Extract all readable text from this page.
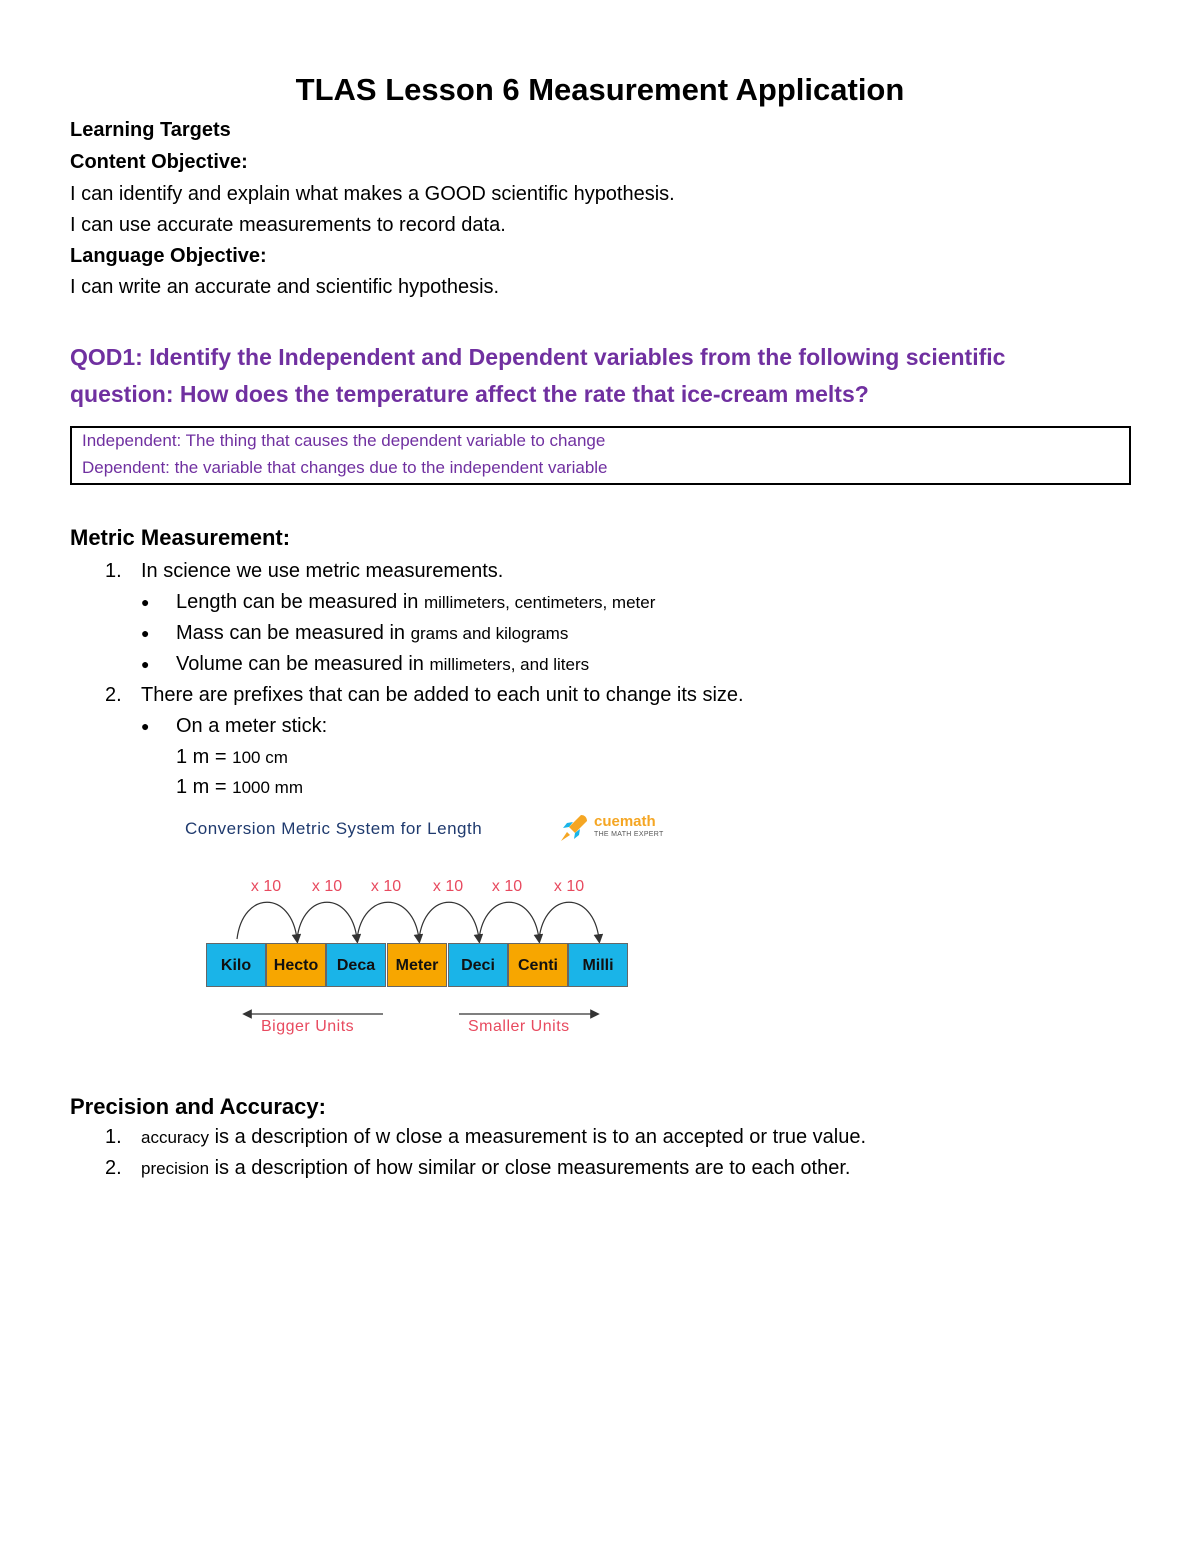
TLAS Lesson 6 Measurement Application
Learning Targets
Content Objective:
I can identify and explain what makes a GOOD scientific hypothesis.
I can use accurate measurements to record data.
Language Objective:
I can write an accurate and scientific hypothesis.
QOD1: Identify the Independent and Dependent variables from the following scientific
question: How does the temperature affect the rate that ice-cream melts?
Independent: The thing that causes the dependent variable to change
Dependent: the variable that changes due to the independent variable
Metric Measurement:
1. In science we use metric measurements.
● Length can be measured in millimeters, centimeters, meter
● Mass can be measured in grams and kilograms
● Volume can be measured in millimeters, and liters
2. There are prefixes that can be added to each unit to change its size.
● On a meter stick:
1 m = 100 cm
1 m = 1000 mm
Conversion Metric System for Length	cuemath
THE MATH EXPERT
x 10	x 10	x 10	x 10	x 10	x 10
Kilo	Hecto	Deca	Meter	Deci	Centi	Milli
Bigger Units	Smaller Units
Precision and Accuracy:
1. accuracy is a description of w close a measurement is to an accepted or true value.
2. precision is a description of how similar or close measurements are to each other.
